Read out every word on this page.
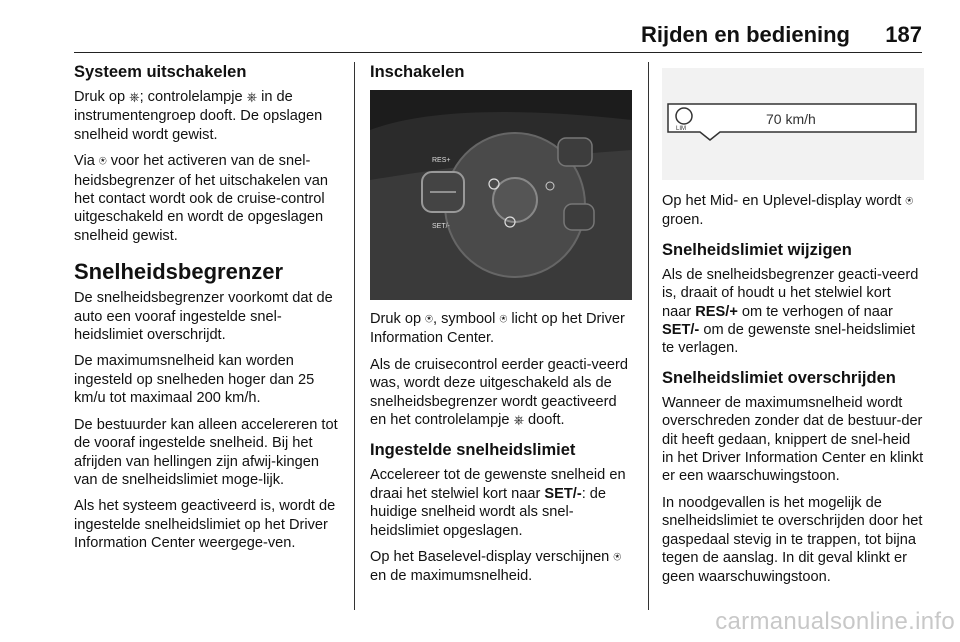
Rijden en bediening	187
Systeem uitschakelen

Druk op ⎈; controlelampje ⎈ in de instrumentengroep dooft. De opslagen snelheid wordt gewist.

Via ⍟ voor het activeren van de snel-heidsbegrenzer of het uitschakelen van het contact wordt ook de cruise-control uitgeschakeld en wordt de opgeslagen snelheid gewist.

Snelheidsbegrenzer

De snelheidsbegrenzer voorkomt dat de auto een vooraf ingestelde snel-heidslimiet overschrijdt.

De maximumsnelheid kan worden ingesteld op snelheden hoger dan 25 km/u tot maximaal 200 km/h.

De bestuurder kan alleen accelereren tot de vooraf ingestelde snelheid. Bij het afrijden van hellingen zijn afwij-kingen van de snelheidslimiet moge-lijk.

Als het systeem geactiveerd is, wordt de ingestelde snelheidslimiet op het Driver Information Center weergege-ven.

Inschakelen
RES+
SET/-

Druk op ⍟, symbool ⍟ licht op het Driver Information Center.

Als de cruisecontrol eerder geacti-veerd was, wordt deze uitgeschakeld als de snelheidsbegrenzer wordt geactiveerd en het controlelampje ⎈ dooft.

Ingestelde snelheidslimiet

Accelereer tot de gewenste snelheid en draai het stelwiel kort naar SET/-: de huidige snelheid wordt als snel-heidslimiet opgeslagen.

Op het Baselevel-display verschijnen ⍟ en de maximumsnelheid.

LIM
70 km/h

Op het Mid- en Uplevel-display wordt ⍟ groen.

Snelheidslimiet wijzigen

Als de snelheidsbegrenzer geacti-veerd is, draait of houdt u het stelwiel kort naar RES/+ om te verhogen of naar SET/- om de gewenste snel-heidslimiet te verlagen.

Snelheidslimiet overschrijden

Wanneer de maximumsnelheid wordt overschreden zonder dat de bestuur-der dit heeft gedaan, knippert de snel-heid in het Driver Information Center en klinkt er een waarschuwingstoon.

In noodgevallen is het mogelijk de snelheidslimiet te overschrijden door het gaspedaal stevig in te trappen, tot bijna tegen de aanslag. In dit geval klinkt er geen waarschuwingstoon.

carmanualsonline.info
